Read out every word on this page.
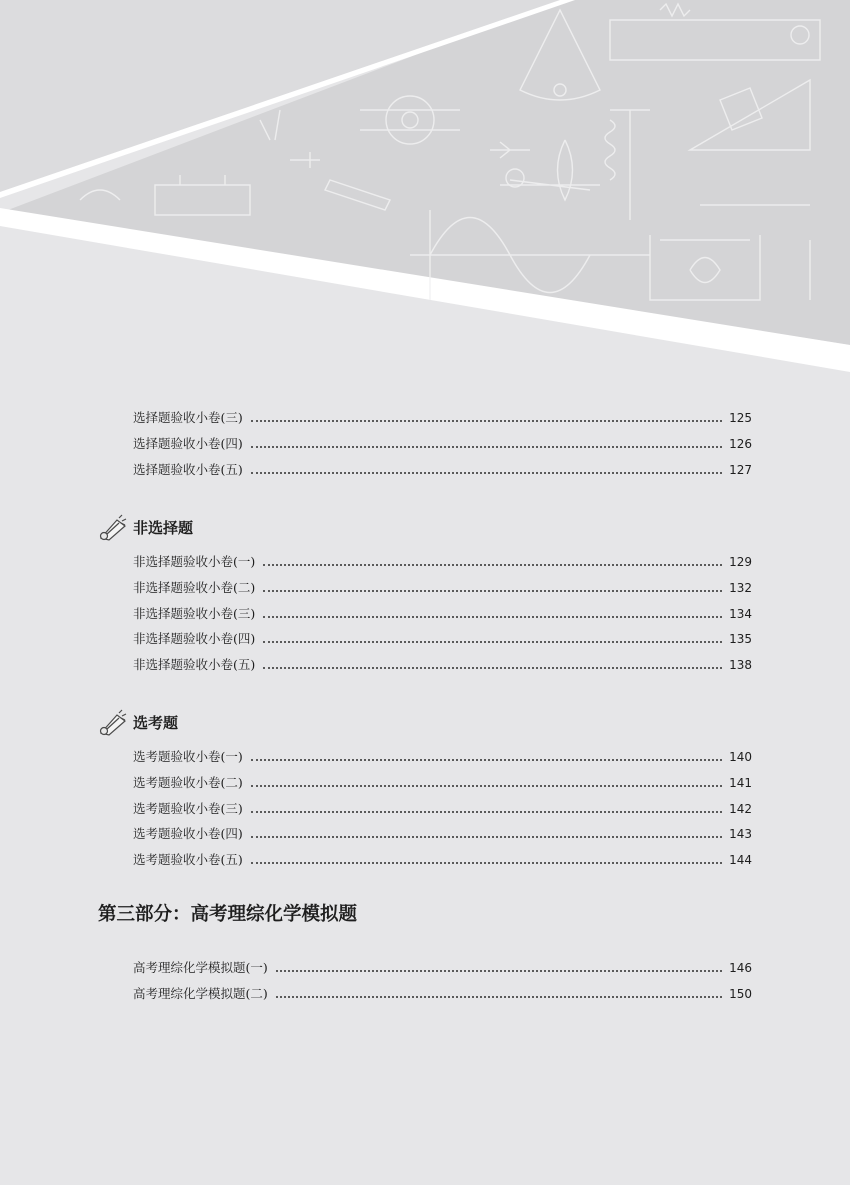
选择题验收小卷(三)	125
选择题验收小卷(四)	126
选择题验收小卷(五)	127
非选择题
非选择题验收小卷(一)	129
非选择题验收小卷(二)	132
非选择题验收小卷(三)	134
非选择题验收小卷(四)	135
非选择题验收小卷(五)	138
选考题
选考题验收小卷(一)	140
选考题验收小卷(二)	141
选考题验收小卷(三)	142
选考题验收小卷(四)	143
选考题验收小卷(五)	144
第三部分：高考理综化学模拟题
高考理综化学模拟题(一)	146
高考理综化学模拟题(二)	150
